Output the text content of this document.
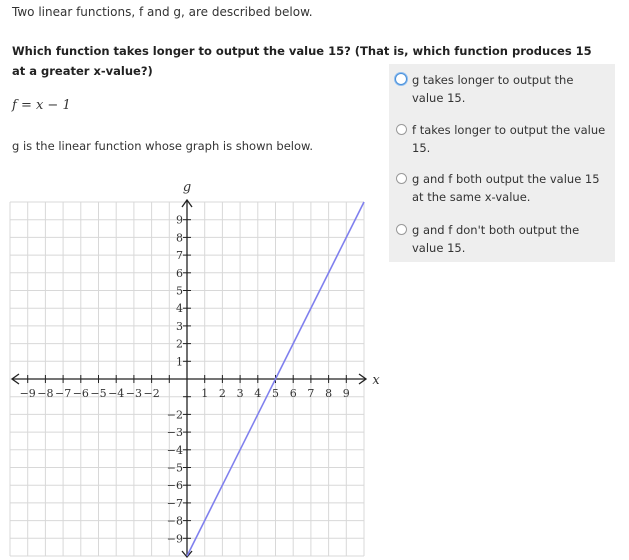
Two linear functions, f and g, are described below.
Which function takes longer to output the value 15? (That is, which function produces 15 at a greater x-value?)
f = x − 1
g is the linear function whose graph is shown below.
−9 −8 −7 −6 −5 −4 −3 −2	1 2 3 4 5 6 7 8 9
9
8
7
6
5
4
3
2
1
−2
−3
−4
−5
−6
−7
−8
−9
g
x
g takes longer to output the value 15.
f takes longer to output the value 15.
g and f both output the value 15 at the same x-value.
g and f don't both output the value 15.
